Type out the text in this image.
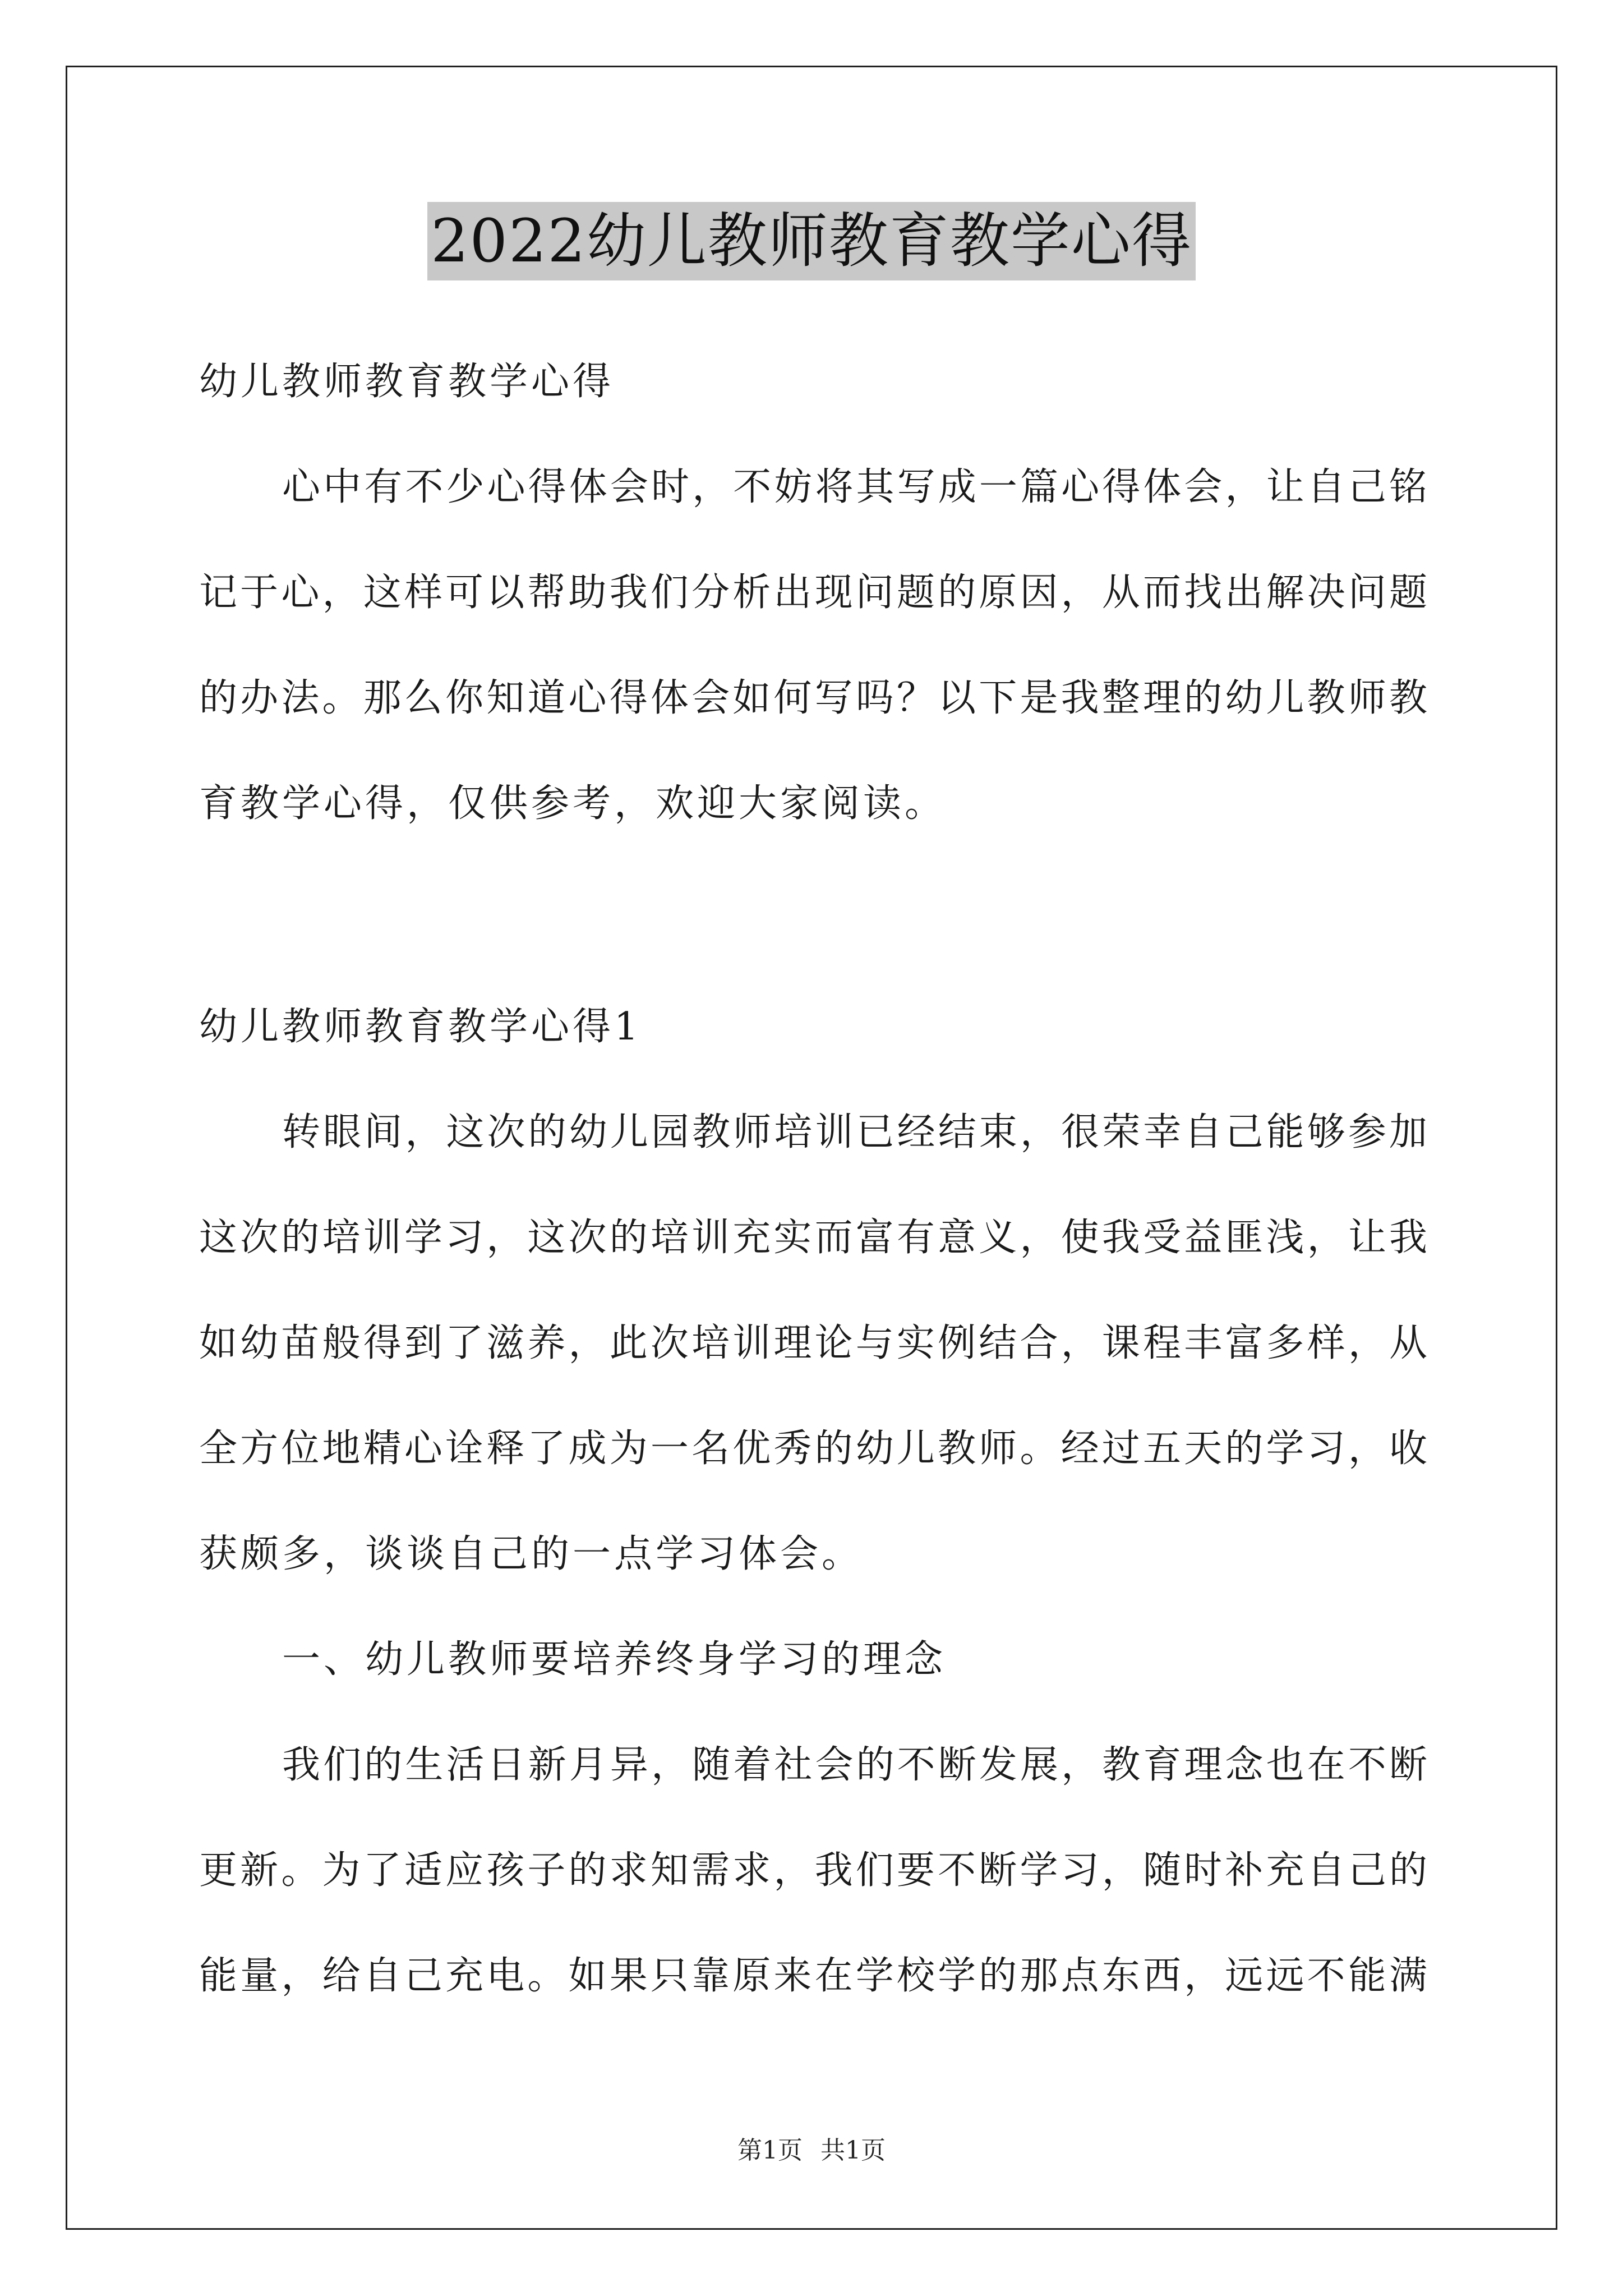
2022幼儿教师教育教学心得
幼儿教师教育教学心得
心中有不少心得体会时，不妨将其写成一篇心得体会，让自己铭
记于心，这样可以帮助我们分析出现问题的原因，从而找出解决问题
的办法。那么你知道心得体会如何写吗？以下是我整理的幼儿教师教
育教学心得，仅供参考，欢迎大家阅读。
幼儿教师教育教学心得1
转眼间，这次的幼儿园教师培训已经结束，很荣幸自己能够参加
这次的培训学习，这次的培训充实而富有意义，使我受益匪浅，让我
如幼苗般得到了滋养，此次培训理论与实例结合，课程丰富多样，从
全方位地精心诠释了成为一名优秀的幼儿教师。经过五天的学习，收
获颇多，谈谈自己的一点学习体会。
一、幼儿教师要培养终身学习的理念
我们的生活日新月异，随着社会的不断发展，教育理念也在不断
更新。为了适应孩子的求知需求，我们要不断学习，随时补充自己的
能量，给自己充电。如果只靠原来在学校学的那点东西，远远不能满
第1页 共1页
